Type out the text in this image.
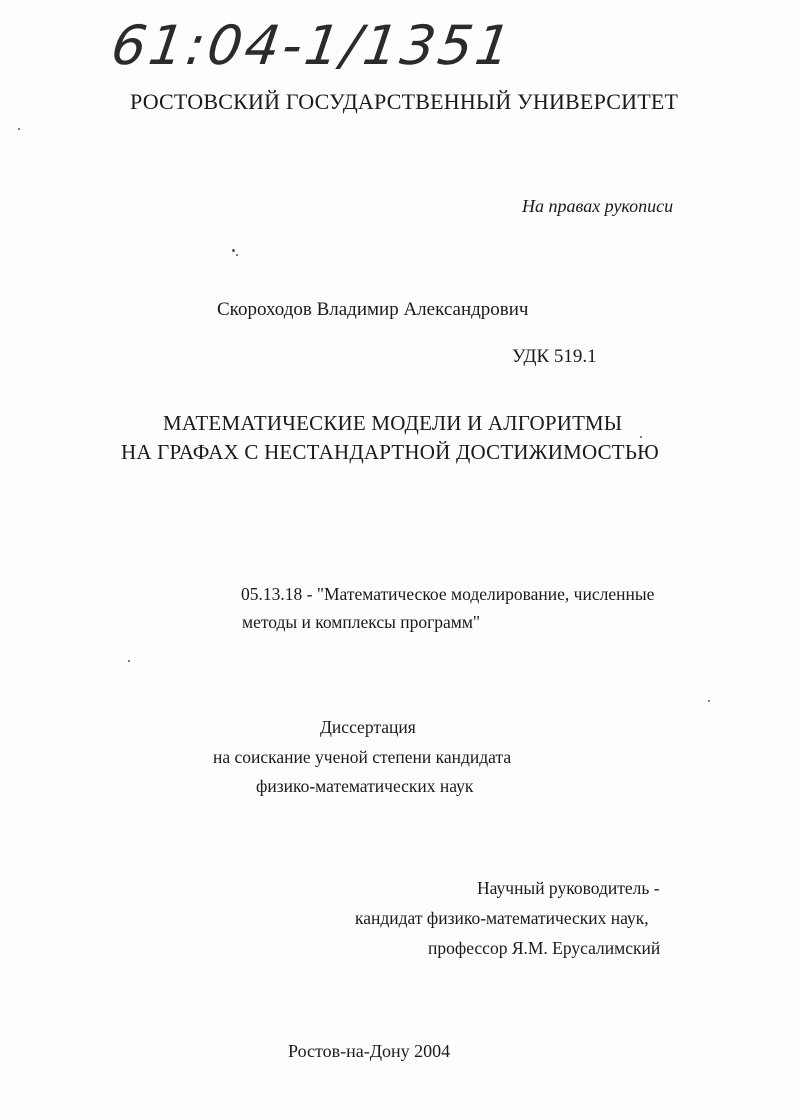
61:04-1/1351
РОСТОВСКИЙ ГОСУДАРСТВЕННЫЙ УНИВЕРСИТЕТ
На правах рукописи
Скороходов Владимир Александрович
УДК 519.1
МАТЕМАТИЧЕСКИЕ МОДЕЛИ И АЛГОРИТМЫ
НА ГРАФАХ С НЕСТАНДАРТНОЙ ДОСТИЖИМОСТЬЮ
05.13.18 - "Математическое моделирование, численные
методы и комплексы программ"
Диссертация
на соискание ученой степени кандидата
физико-математических наук
Научный руководитель -
кандидат физико-математических наук,
профессор Я.М. Ерусалимский
Ростов-на-Дону 2004
